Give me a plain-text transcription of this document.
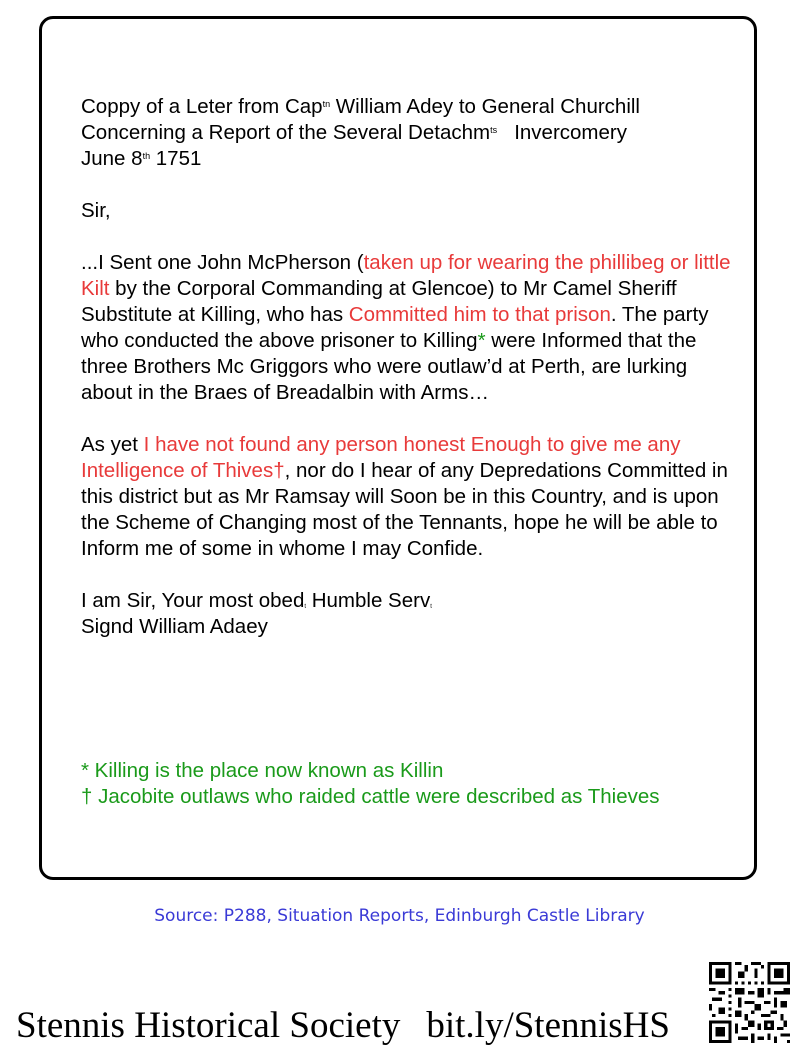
Coppy of a Leter from Cap$^{tn}$ William Adey to General Churchill

Concerning a Report of the Several Detachm$^{ts}$   Invercomery

June 8th 1751

Sir,

...I Sent one John McPherson (taken up for wearing the phillibeg or little Kilt by the Corporal Commanding at Glencoe) to Mr Camel Sheriff Substitute at Killing, who has Committed him to that prison. The party who conducted the above prisoner to Killing* were Informed that the three Brothers Mc Griggors who were outlaw’d at Perth, are lurking about in the Braes of Breadalbin with Arms…

As yet I have not found any person honest Enough to give me any Intelligence of Thives†, nor do I hear of any Depredations Committed in this district but as Mr Ramsay will Soon be in this Country, and is upon the Scheme of Changing most of the Tennants, hope he will be able to Inform me of some in whome I may Confide.

I am Sir, Your most obed$_t$ Humble Serv$_t$

Signd William Adaey

* Killing is the place now known as Killin

† Jacobite outlaws who raided cattle were described as Thieves

Source: P288, Situation Reports, Edinburgh Castle Library
Stennis Historical Society bit.ly/StennisHS
